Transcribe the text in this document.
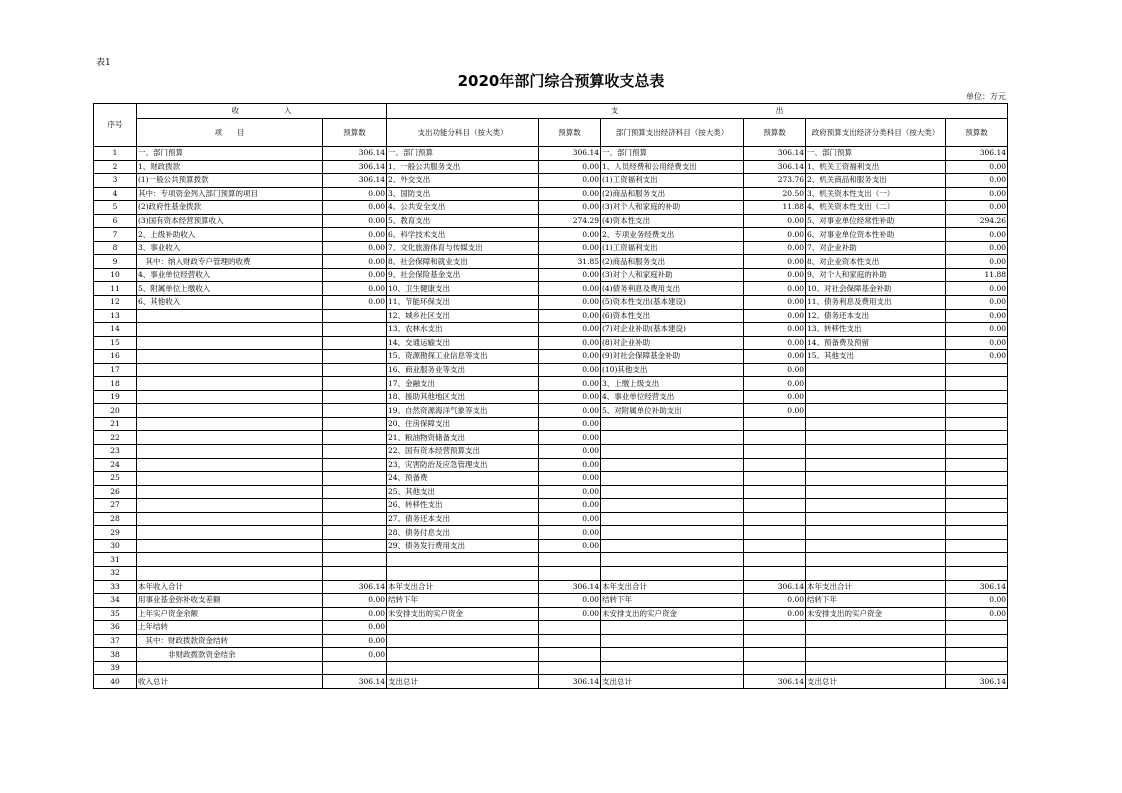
表1
2020年部门综合预算收支总表
单位：万元
序号	收　　　　　　入		支　　　　　　　　　　　　　　　　　　　　　出					
	项　　目	预算数	支出功能分科目（按大类）	预算数	部门预算支出经济科目（按大类）	预算数	政府预算支出经济分类科目（按大类）	预算数
1	一、部门预算	306.14	一、部门预算	306.14	一、部门预算	306.14	一、部门预算	306.14
2	1、财政拨款	306.14	1、一般公共服务支出	0.00	1、人员经费和公用经费支出	306.14	1、机关工资福利支出	0.00
3	(1)一般公共预算拨款	306.14	2、外交支出	0.00	(1)工资福利支出	273.76	2、机关商品和服务支出	0.00
4	其中：专项资金列入部门预算的项目	0.00	3、国防支出	0.00	(2)商品和服务支出	20.50	3、机关资本性支出（一）	0.00
5	(2)政府性基金拨款	0.00	4、公共安全支出	0.00	(3)对个人和家庭的补助	11.88	4、机关资本性支出（二）	0.00
6	(3)国有资本经营预算收入	0.00	5、教育支出	274.29	(4)资本性支出	0.00	5、对事业单位经常性补助	294.26
7	2、上级补助收入	0.00	6、科学技术支出	0.00	2、专项业务经费支出	0.00	6、对事业单位资本性补助	0.00
8	3、事业收入	0.00	7、文化旅游体育与传媒支出	0.00	(1)工资福利支出	0.00	7、对企业补助	0.00
9	　其中：纳入财政专户管理的收费	0.00	8、社会保障和就业支出	31.85	(2)商品和服务支出	0.00	8、对企业资本性支出	0.00
10	4、事业单位经营收入	0.00	9、社会保险基金支出	0.00	(3)对个人和家庭补助	0.00	9、对个人和家庭的补助	11.88
11	5、附属单位上缴收入	0.00	10、卫生健康支出	0.00	(4)债务利息及费用支出	0.00	10、对社会保障基金补助	0.00
12	6、其他收入	0.00	11、节能环保支出	0.00	(5)资本性支出(基本建设)	0.00	11、债务利息及费用支出	0.00
13			12、城乡社区支出	0.00	(6)资本性支出	0.00	12、债务还本支出	0.00
14			13、农林水支出	0.00	(7)对企业补助(基本建设)	0.00	13、转移性支出	0.00
15			14、交通运输支出	0.00	(8)对企业补助	0.00	14、预备费及预留	0.00
16			15、资源勘探工业信息等支出	0.00	(9)对社会保障基金补助	0.00	15、其他支出	0.00
17			16、商业服务业等支出	0.00	(10)其他支出	0.00		
18			17、金融支出	0.00	3、上缴上级支出	0.00		
19			18、援助其他地区支出	0.00	4、事业单位经营支出	0.00		
20			19、自然资源海洋气象等支出	0.00	5、对附属单位补助支出	0.00		
21			20、住房保障支出	0.00				
22			21、粮油物资储备支出	0.00				
23			22、国有资本经营预算支出	0.00				
24			23、灾害防治及应急管理支出	0.00				
25			24、预备费	0.00				
26			25、其他支出	0.00				
27			26、转移性支出	0.00				
28			27、债务还本支出	0.00				
29			28、债务付息支出	0.00				
30			29、债务发行费用支出	0.00				
31								
32								
33	本年收入合计	306.14	本年支出合计	306.14	本年支出合计	306.14	本年支出合计	306.14
34	用事业基金弥补收支差额	0.00	结转下年	0.00	结转下年	0.00	结转下年	0.00
35	上年实户资金余额	0.00	未安排支出的实户资金	0.00	未安排支出的实户资金	0.00	未安排支出的实户资金	0.00
36	上年结转	0.00						
37	　其中：财政拨款资金结转	0.00						
38	　　　　非财政拨款资金结余	0.00						
39								
40	收入总计	306.14	支出总计	306.14	支出总计	306.14	支出总计	306.14
